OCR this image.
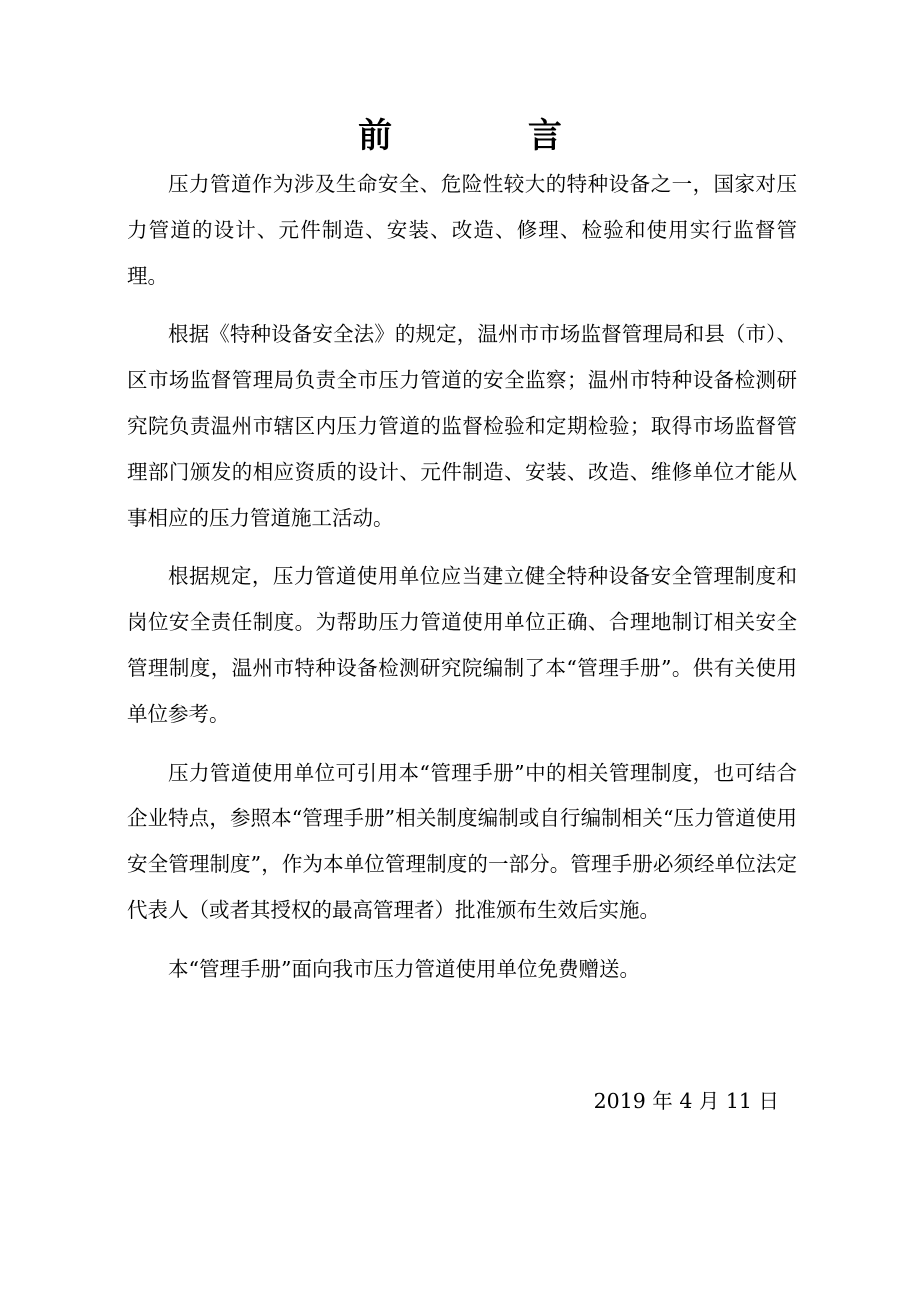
前 言

压力管道作为涉及生命安全、危险性较大的特种设备之一，国家对压力管道的设计、元件制造、安装、改造、修理、检验和使用实行监督管理。

根据《特种设备安全法》的规定，温州市市场监督管理局和县（市）、区市场监督管理局负责全市压力管道的安全监察；温州市特种设备检测研究院负责温州市辖区内压力管道的监督检验和定期检验；取得市场监督管理部门颁发的相应资质的设计、元件制造、安装、改造、维修单位才能从事相应的压力管道施工活动。

根据规定，压力管道使用单位应当建立健全特种设备安全管理制度和岗位安全责任制度。为帮助压力管道使用单位正确、合理地制订相关安全管理制度，温州市特种设备检测研究院编制了本“管理手册”。供有关使用单位参考。

压力管道使用单位可引用本“管理手册”中的相关管理制度，也可结合企业特点，参照本“管理手册”相关制度编制或自行编制相关“压力管道使用安全管理制度”，作为本单位管理制度的一部分。管理手册必须经单位法定代表人（或者其授权的最高管理者）批准颁布生效后实施。

本“管理手册”面向我市压力管道使用单位免费赠送。

2019 年 4 月 11 日
